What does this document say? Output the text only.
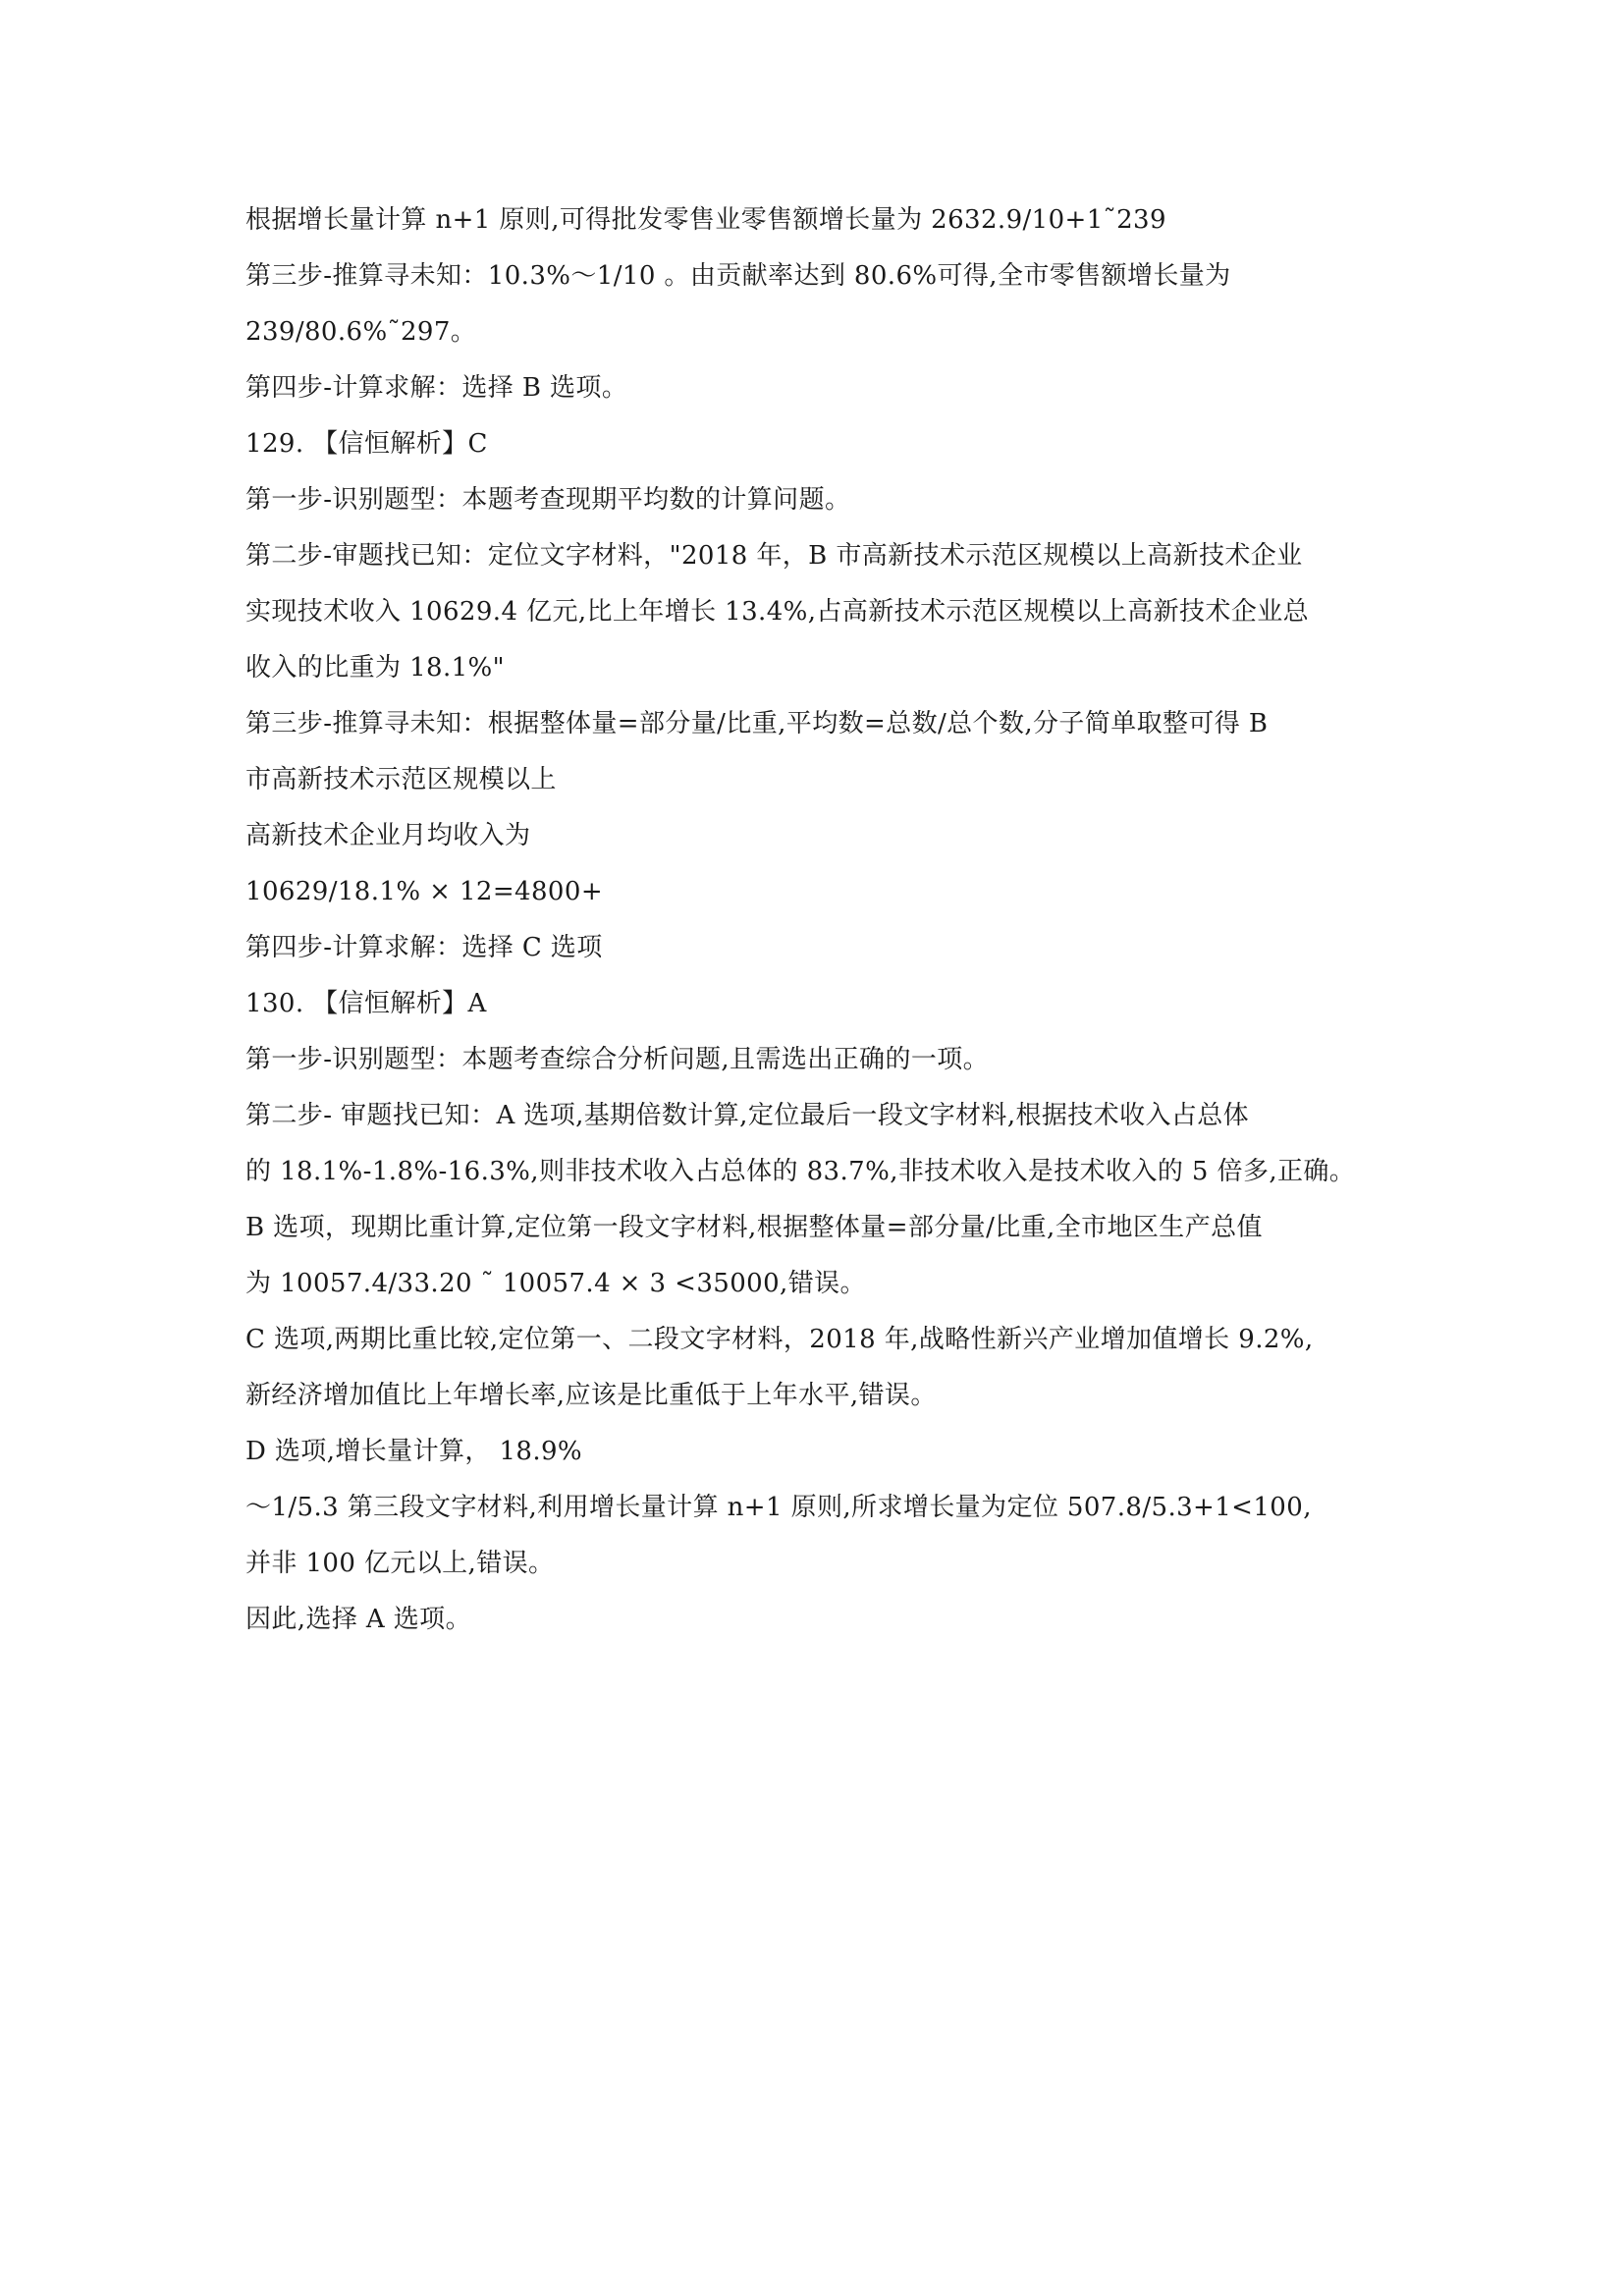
根据增长量计算 n+1 原则,可得批发零售业零售额增长量为 2632.9/10+1˜239
第三步-推算寻未知：10.3%～1/10 。由贡献率达到 80.6%可得,全市零售额增长量为
239/80.6%˜297。
第四步-计算求解：选择 B 选项。
129. 【信恒解析】C
第一步-识别题型：本题考查现期平均数的计算问题。
第二步-审题找已知：定位文字材料，"2018 年，B 市高新技术示范区规模以上高新技术企业
实现技术收入 10629.4 亿元,比上年增长 13.4%,占高新技术示范区规模以上高新技术企业总
收入的比重为 18.1%"
第三步-推算寻未知：根据整体量=部分量/比重,平均数=总数/总个数,分子简单取整可得 B
市高新技术示范区规模以上
高新技术企业月均收入为
10629/18.1% × 12=4800+
第四步-计算求解：选择 C 选项
130. 【信恒解析】A
第一步-识别题型：本题考查综合分析问题,且需选出正确的一项。
第二步- 审题找已知：A 选项,基期倍数计算,定位最后一段文字材料,根据技术收入占总体
的 18.1%-1.8%-16.3%,则非技术收入占总体的 83.7%,非技术收入是技术收入的 5 倍多,正确。
B 选项，现期比重计算,定位第一段文字材料,根据整体量=部分量/比重,全市地区生产总值
为 10057.4/33.20 ˜ 10057.4 × 3 <35000,错误。
C 选项,两期比重比较,定位第一、二段文字材料，2018 年,战略性新兴产业增加值增长 9.2%,
新经济增加值比上年增长率,应该是比重低于上年水平,错误。
D 选项,增长量计算， 18.9%
～1/5.3 第三段文字材料,利用增长量计算 n+1 原则,所求增长量为定位 507.8/5.3+1<100,
并非 100 亿元以上,错误。
因此,选择 A 选项。
